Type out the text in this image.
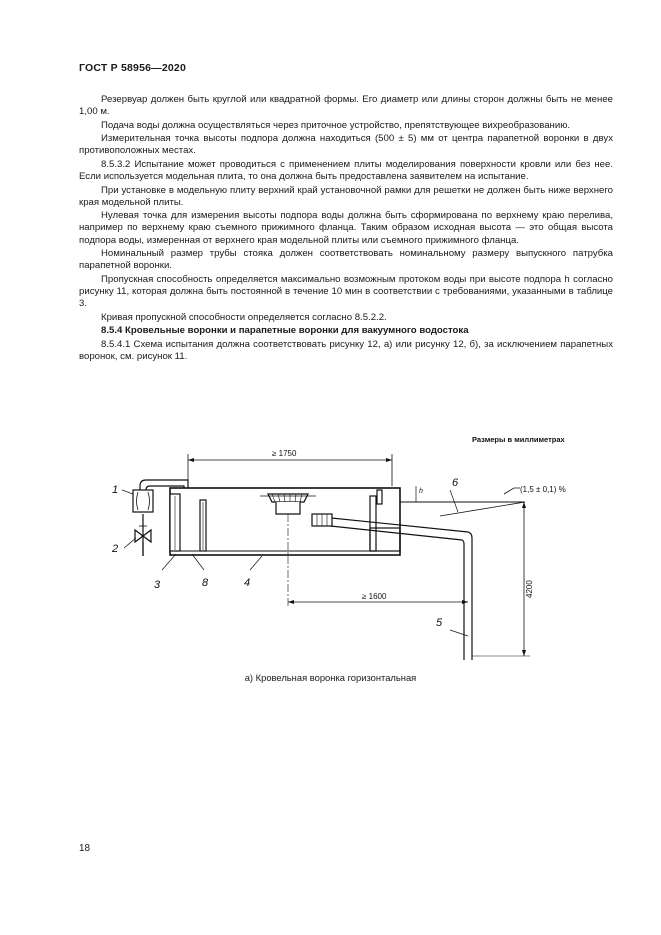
ГОСТ Р 58956—2020

Резервуар должен быть круглой или квадратной формы. Его диаметр или длины сторон должны быть не менее 1,00 м.

Подача воды должна осуществляться через приточное устройство, препятствующее вихреобразованию.

Измерительная точка высоты подпора должна находиться (500 ± 5) мм от центра парапетной воронки в двух противоположных местах.

8.5.3.2 Испытание может проводиться с применением плиты моделирования поверхности кровли или без нее. Если используется модельная плита, то она должна быть предоставлена заявителем на испытание.

При установке в модельную плиту верхний край установочной рамки для решетки не должен быть ниже верхнего края модельной плиты.

Нулевая точка для измерения высоты подпора воды должна быть сформирована по верхнему краю перелива, например по верхнему краю съемного прижимного фланца. Таким образом исходная высота — это общая высота подпора воды, измеренная от верхнего края модельной плиты или съемного прижимного фланца.

Номинальный размер трубы стояка должен соответствовать номинальному размеру выпускного патрубка парапетной воронки.

Пропускная способность определяется максимально возможным протоком воды при высоте подпора h согласно рисунку 11, которая должна быть постоянной в течение 10 мин в соответствии с требованиями, указанными в таблице 3.

Кривая пропускной способности определяется согласно 8.5.2.2.

8.5.4 Кровельные воронки и парапетные воронки для вакуумного водостока

8.5.4.1 Схема испытания должна соответствовать рисунку 12, а) или рисунку 12, б), за исключением парапетных воронок, см. рисунок 11.

Размеры в миллиметрах
≥ 1750
(1,5 ± 0,1) %
h
≥ 1600	4200
1
2
3	8	4
6
5
а) Кровельная воронка горизонтальная
18
